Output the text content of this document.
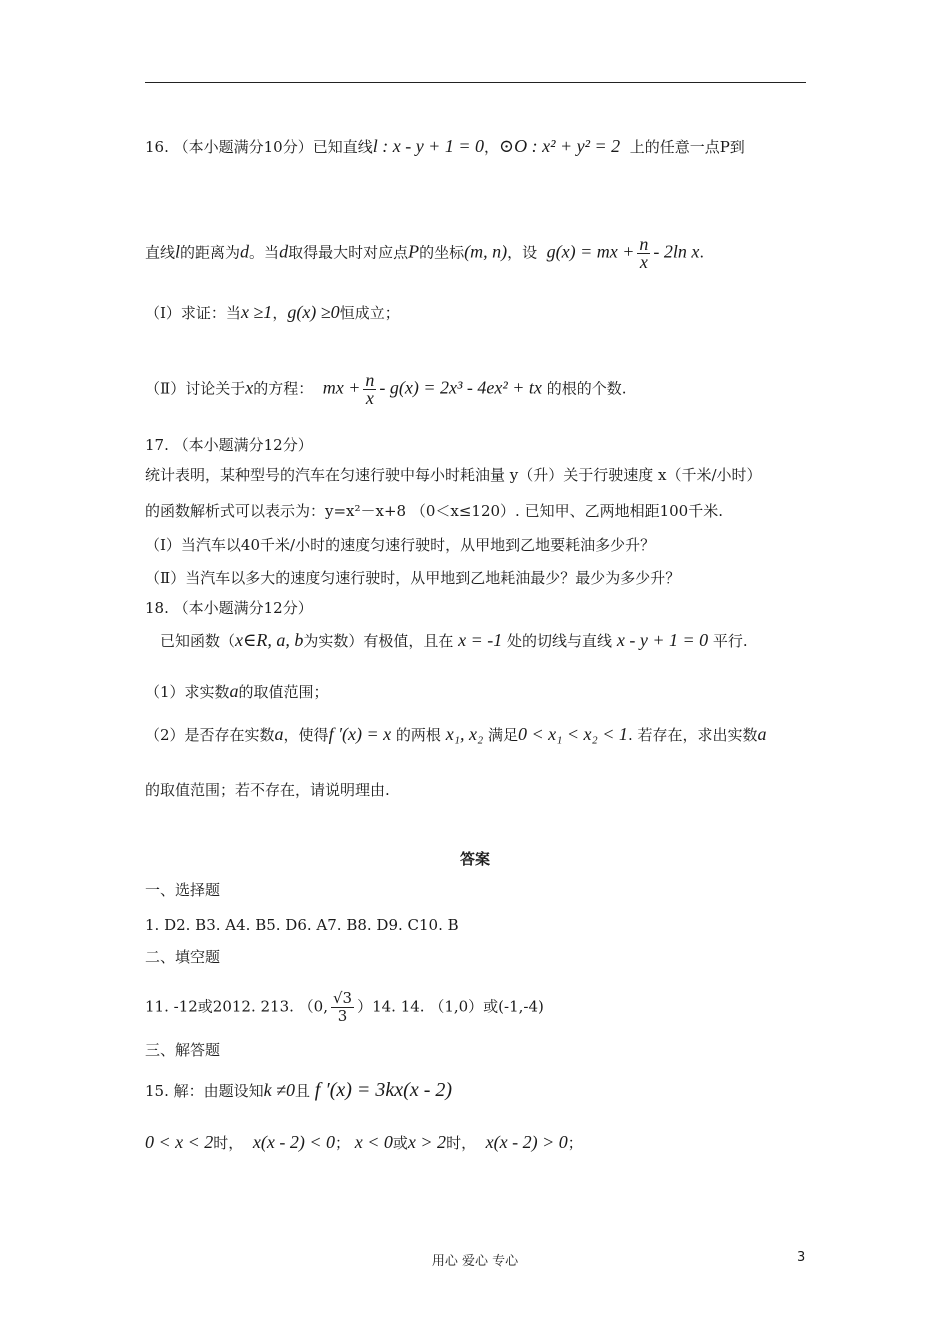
16. （本小题满分10分）已知直线l : x - y + 1 = 0，⊙O : x² + y² = 2 上的任意一点P到
直线l的距离为d。当d取得最大时对应点P的坐标(m, n)，设 g(x) = mx + $\frac{n}{x} - 2\ln$ x.
（Ⅰ）求证：当x ≥1，g(x) ≥0恒成立；
（Ⅱ）讨论关于x的方程： mx + $\frac{n}{x} - g(x) = 2x^3 - 4ex^2$ + tx 的根的个数.
17. （本小题满分12分）
统计表明，某种型号的汽车在匀速行驶中每小时耗油量 y（升）关于行驶速度 x（千米/小时）
的函数解析式可以表示为：y=x²－x+8 （0＜x≤120）. 已知甲、乙两地相距100千米.
（Ⅰ）当汽车以40千米/小时的速度匀速行驶时，从甲地到乙地要耗油多少升？
（Ⅱ）当汽车以多大的速度匀速行驶时，从甲地到乙地耗油最少？最少为多少升？
18. （本小题满分12分）
已知函数（x∈R, a, b为实数）有极值，且在 x = -1 处的切线与直线 x - y + 1 = 0 平行.
（1）求实数a的取值范围；
（2）是否存在实数a，使得f ′(x) = x 的两根 x₁, x₂ 满足0 < x₁ < x₂ < 1. 若存在，求出实数a
的取值范围；若不存在，请说明理由.
答案
一、选择题
1. D2. B3. A4. B5. D6. A7. B8. D9. C10. B
二、填空题
11. -12或2012. 213. （0, $\frac{√3}{3} )14$. 14. （1,0）或(-1,-4)
三、解答题
15. 解：由题设知k ≠0且 f ′(x) = 3kx(x - 2)
0 < x < 2时， x(x - 2) < 0； x < 0或x > 2时， x(x - 2) > 0；
用心 爱心 专心	3
